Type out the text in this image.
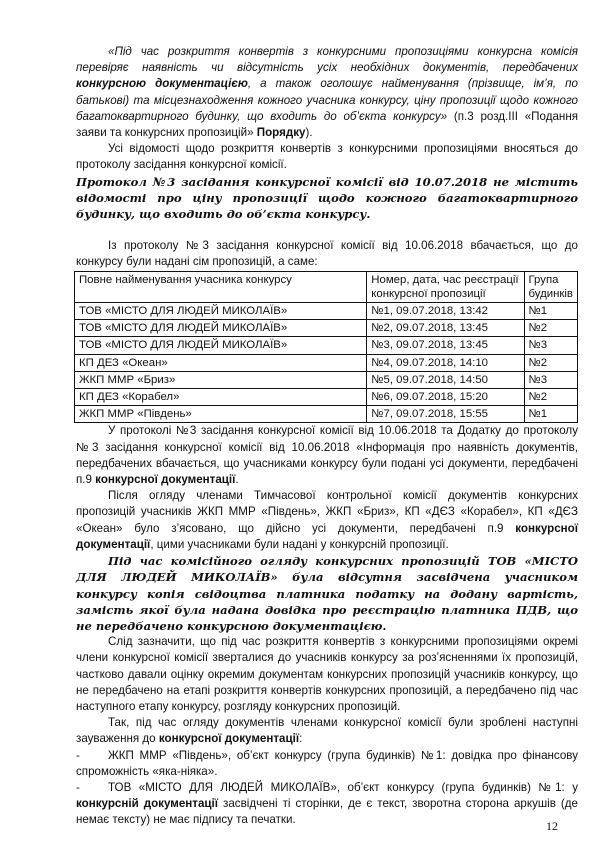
«Під час розкриття конвертів з конкурсними пропозиціями конкурсна комісія перевіряє наявність чи відсутність усіх необхідних документів, передбачених конкурсною документацією, а також оголошує найменування (прізвище, ім’я, по батькові) та місцезнаходження кожного учасника конкурсу, ціну пропозиції щодо кожного багатоквартирного будинку, що входить до об’єкта конкурсу» (п.3 розд.ІІІ «Подання заяви та конкурсних пропозицій» Порядку).

Усі відомості щодо розкриття конвертів з конкурсними пропозиціями вносяться до протоколу засідання конкурсної комісії.

Протокол №3 засідання конкурсної комісії від 10.07.2018 не містить відомості про ціну пропозиції щодо кожного багатоквартирного будинку, що входить до об’єкта конкурсу.

Із протоколу №3 засідання конкурсної комісії від 10.06.2018 вбачається, що до конкурсу були надані сім пропозицій, а саме:

Повне найменування учасника конкурсу	Номер, дата, час реєстрації конкурсної пропозиції	Група будинків
ТОВ «МІСТО ДЛЯ ЛЮДЕЙ МИКОЛАЇВ»	№1, 09.07.2018, 13:42	№1
ТОВ «МІСТО ДЛЯ ЛЮДЕЙ МИКОЛАЇВ»	№2, 09.07.2018, 13:45	№2
ТОВ «МІСТО ДЛЯ ЛЮДЕЙ МИКОЛАЇВ»	№3, 09.07.2018, 13:45	№3
КП ДЕЗ «Океан»	№4, 09.07.2018, 14:10	№2
ЖКП ММР «Бриз»	№5, 09.07.2018, 14:50	№3
КП ДЕЗ «Корабел»	№6, 09.07.2018, 15:20	№2
ЖКП ММР «Південь»	№7, 09.07.2018, 15:55	№1

У протоколі №3 засідання конкурсної комісії від 10.06.2018 та Додатку до протоколу №3 засідання конкурсної комісії від 10.06.2018 «Інформація про наявність документів, передбачених вбачається, що учасниками конкурсу були подані усі документи, передбачені п.9 конкурсної документації.

Після огляду членами Тимчасової контрольної комісії документів конкурсних пропозицій учасників ЖКП ММР «Південь», ЖКП «Бриз», КП «ДЄЗ «Корабел», КП «ДЄЗ «Океан» було з’ясовано, що дійсно усі документи, передбачені п.9 конкурсної документації, цими учасниками були надані у конкурсній пропозиції.

Під час комісійного огляду конкурсних пропозицій ТОВ «МІСТО ДЛЯ ЛЮДЕЙ МИКОЛАЇВ» була відсутня засвідчена учасником конкурсу копія свідоцтва платника податку на додану вартість, замість якої була надана довідка про реєстрацію платника ПДВ, що не передбачено конкурсною документацією.

Слід зазначити, що під час розкриття конвертів з конкурсними пропозиціями окремі члени конкурсної комісії зверталися до учасників конкурсу за роз’ясненнями їх пропозицій, частково давали оцінку окремим документам конкурсних пропозицій учасників конкурсу, що не передбачено на етапі розкриття конвертів конкурсних пропозицій, а передбачено під час наступного етапу конкурсу, розгляду конкурсних пропозицій.

Так, під час огляду документів членами конкурсної комісії були зроблені наступні зауваження до конкурсної документації:

- ЖКП ММР «Південь», об’єкт конкурсу (група будинків) №1: довідка про фінансову спроможність «яка-ніяка».

- ТОВ «МІСТО ДЛЯ ЛЮДЕЙ МИКОЛАЇВ», об’єкт конкурсу (група будинків) №1: у конкурсній документації засвідчені ті сторінки, де є текст, зворотна сторона аркушів (де немає тексту) не має підпису та печатки.	12
